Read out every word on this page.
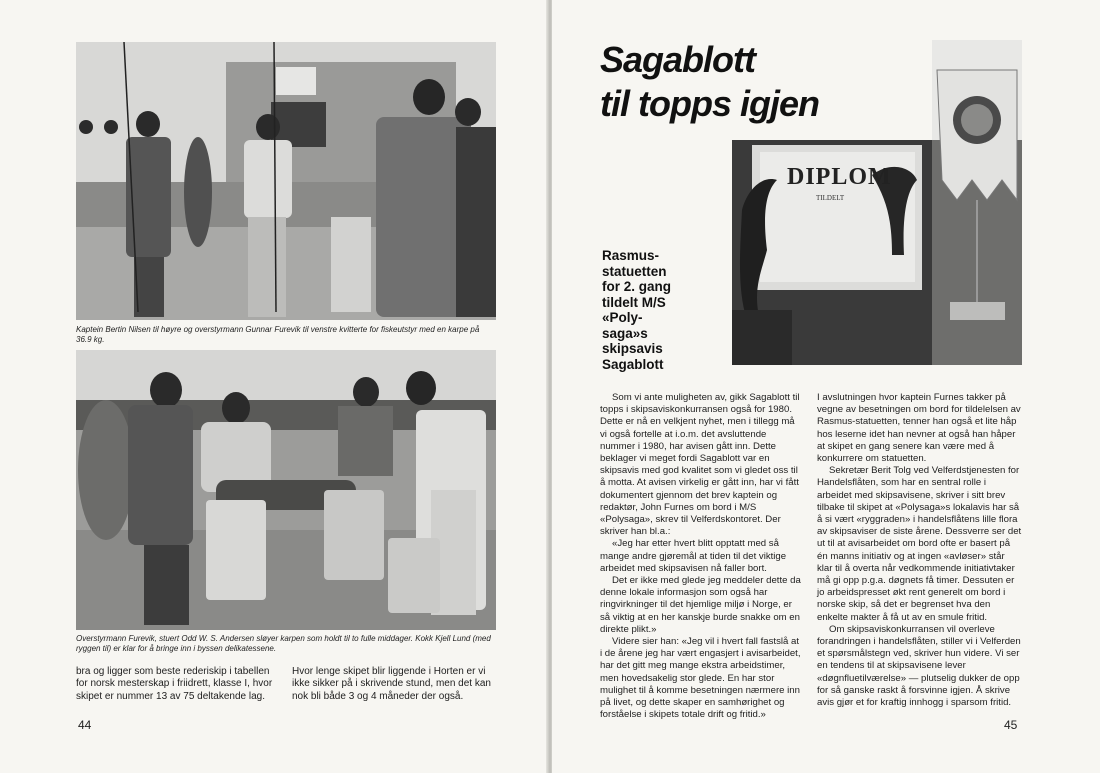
Kaptein Bertin Nilsen til høyre og overstyrmann Gunnar Furevik til venstre kvitterte for fiskeutstyr med en karpe på 36.9 kg.
Overstyrmann Furevik, stuert Odd W. S. Andersen sløyer karpen som holdt til to fulle middager. Kokk Kjell Lund (med ryggen til) er klar for å bringe inn i byssen delikatessene.
bra og ligger som beste rederiskip i tabellen for norsk mesterskap i friidrett, klasse I, hvor skipet er nummer 13 av 75 deltakende lag.
Hvor lenge skipet blir liggende i Horten er vi ikke sikker på i skrivende stund, men det kan nok bli både 3 og 4 måneder der også.
44
Sagablott
til topps igjen
DIPLOM
TILDELT
Rasmus-statuetten for 2. gang tildelt M/S «Poly-saga»s skipsavis Sagablott

Som vi ante muligheten av, gikk Sagablott til topps i skipsaviskonkurransen også for 1980. Dette er nå en velkjent nyhet, men i tillegg må vi også fortelle at i.o.m. det avsluttende nummer i 1980, har avisen gått inn. Dette beklager vi meget fordi Sagablott var en skipsavis med god kvalitet som vi gledet oss til å motta. At avisen virkelig er gått inn, har vi fått dokumentert gjennom det brev kaptein og redaktør, John Furnes om bord i M/S «Polysaga», skrev til Velferdskontoret. Der skriver han bl.a.:

«Jeg har etter hvert blitt opptatt med så mange andre gjøremål at tiden til det viktige arbeidet med skipsavisen nå faller bort.

Det er ikke med glede jeg meddeler dette da denne lokale informasjon som også har ringvirkninger til det hjemlige miljø i Norge, er så viktig at en her kanskje burde snakke om en direkte plikt.»

Videre sier han: «Jeg vil i hvert fall fastslå at i de årene jeg har vært engasjert i avisarbeidet, har det gitt meg mange ekstra arbeidstimer, men hovedsakelig stor glede. En har stor mulighet til å komme besetningen nærmere inn på livet, og dette skaper en samhørighet og forståelse i skipets totale drift og fritid.»

I avslutningen hvor kaptein Furnes takker på vegne av besetningen om bord for tildelelsen av Rasmus-statuetten, tenner han også et lite håp hos leserne idet han nevner at også han håper at skipet en gang senere kan være med å konkurrere om statuetten.

Sekretær Berit Tolg ved Velferdstjenesten for Handelsflåten, som har en sentral rolle i arbeidet med skipsavisene, skriver i sitt brev tilbake til skipet at «Polysaga»s lokalavis har så å si vært «ryggraden» i handelsflåtens lille flora av skipsaviser de siste årene. Dessverre ser det ut til at avisarbeidet om bord ofte er basert på én manns initiativ og at ingen «avløser» står klar til å overta når vedkommende initiativtaker må gi opp p.g.a. døgnets få timer. Dessuten er jo arbeidspresset økt rent generelt om bord i norske skip, så det er begrenset hva den enkelte makter å få ut av en smule fritid.

Om skipsaviskonkurransen vil overleve forandringen i handelsflåten, stiller vi i Velferden et spørsmålstegn ved, skriver hun videre. Vi ser en tendens til at skipsavisene lever «døgnfluetilværelse» — plutselig dukker de opp for så ganske raskt å forsvinne igjen. Å skrive avis gjør et for kraftig innhogg i sparsom fritid.

45
